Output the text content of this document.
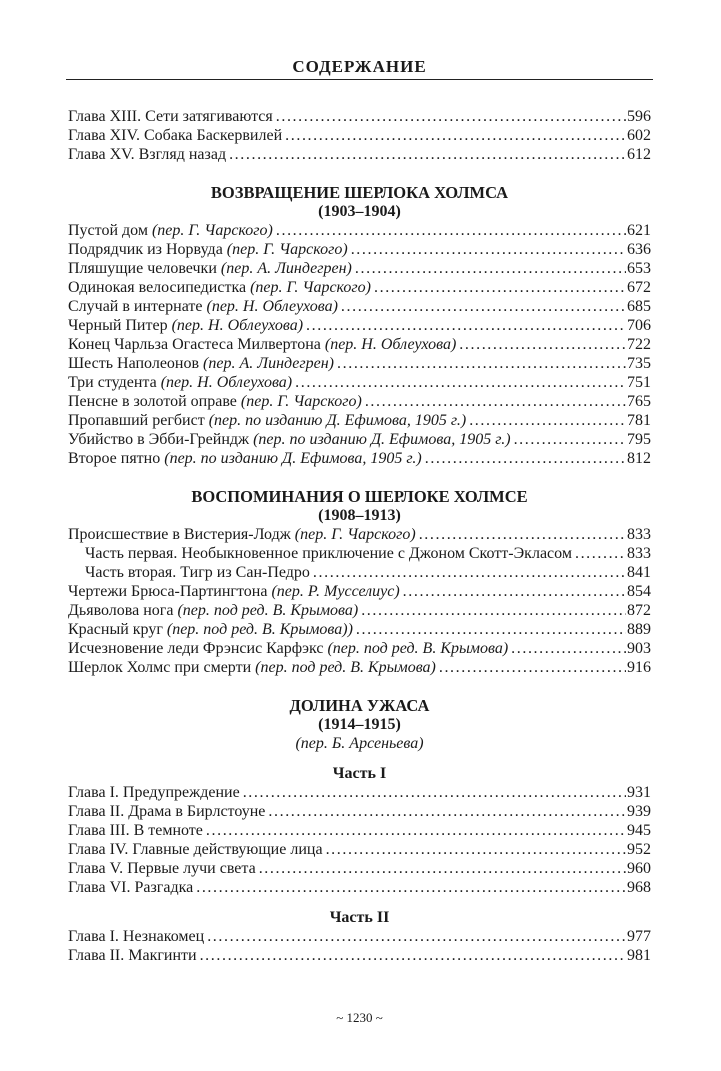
СОДЕРЖАНИЕ
Глава XIII. Сети затягиваются . . .	596
Глава XIV. Собака Баскервилей . . .	602
Глава XV. Взгляд назад . . .	612
ВОЗВРАЩЕНИЕ ШЕРЛОКА ХОЛМСА
(1903–1904)
Пустой дом (пер. Г. Чарского) . . .	621
Подрядчик из Норвуда (пер. Г. Чарского) . . .	636
Пляшущие человечки (пер. А. Линдегрен) . . .	653
Одинокая велосипедистка (пер. Г. Чарского) . . .	672
Случай в интернате (пер. Н. Облеухова) . . .	685
Черный Питер (пер. Н. Облеухова) . . .	706
Конец Чарльза Огастеса Милвертона (пер. Н. Облеухова) . . .	722
Шесть Наполеонов (пер. А. Линдегрен) . . .	735
Три студента (пер. Н. Облеухова) . . .	751
Пенсне в золотой оправе (пер. Г. Чарского) . . .	765
Пропавший регбист (пер. по изданию Д. Ефимова, 1905 г.) . . .	781
Убийство в Эбби-Грейндж (пер. по изданию Д. Ефимова, 1905 г.) . . .	795
Второе пятно (пер. по изданию Д. Ефимова, 1905 г.) . . .	812
ВОСПОМИНАНИЯ О ШЕРЛОКЕ ХОЛМСЕ
(1908–1913)
Происшествие в Вистерия-Лодж (пер. Г. Чарского) . . .	833
Часть первая. Необыкновенное приключение с Джоном Скотт-Экласом . . .	833
Часть вторая. Тигр из Сан-Педро . . .	841
Чертежи Брюса-Партингтона (пер. Р. Мусселиус) . . .	854
Дьяволова нога (пер. под ред. В. Крымова) . . .	872
Красный круг (пер. под ред. В. Крымова)) . . .	889
Исчезновение леди Фрэнсис Карфэкс (пер. под ред. В. Крымова) . . .	903
Шерлок Холмс при смерти (пер. под ред. В. Крымова) . . .	916
ДОЛИНА УЖАСА
(1914–1915)
(пер. Б. Арсеньева)
Часть I
Глава I. Предупреждение . . .	931
Глава II. Драма в Бирлстоуне . . .	939
Глава III. В темноте . . .	945
Глава IV. Главные действующие лица . . .	952
Глава V. Первые лучи света . . .	960
Глава VI. Разгадка . . .	968
Часть II
Глава I. Незнакомец . . .	977
Глава II. Макгинти . . .	981
~ 1230 ~
